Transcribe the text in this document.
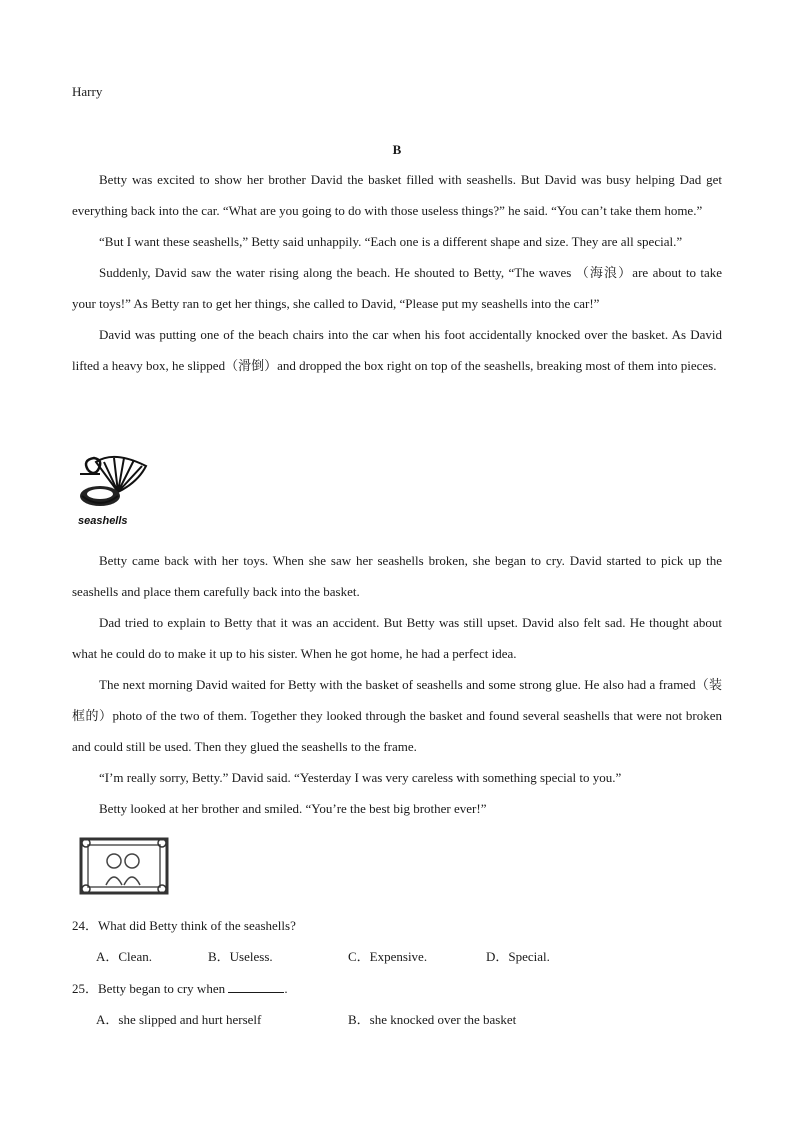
Harry
B

Betty was excited to show her brother David the basket filled with seashells. But David was busy helping Dad get everything back into the car. “What are you going to do with those useless things?” he said. “You can’t take them home.”

“But I want these seashells,” Betty said unhappily. “Each one is a different shape and size. They are all special.”

Suddenly, David saw the water rising along the beach. He shouted to Betty, “The waves （海浪）are about to take your toys!” As Betty ran to get her things, she called to David, “Please put my seashells into the car!”

David was putting one of the beach chairs into the car when his foot accidentally knocked over the basket. As David lifted a heavy box, he slipped（滑倒）and dropped the box right on top of the seashells, breaking most of them into pieces.

seashells

Betty came back with her toys. When she saw her seashells broken, she began to cry. David started to pick up the seashells and place them carefully back into the basket.

Dad tried to explain to Betty that it was an accident. But Betty was still upset. David also felt sad. He thought about what he could do to make it up to his sister. When he got home, he had a perfect idea.

The next morning David waited for Betty with the basket of seashells and some strong glue. He also had a framed（装框的）photo of the two of them. Together they looked through the basket and found several seashells that were not broken and could still be used. Then they glued the seashells to the frame.

“I’m really sorry, Betty.” David said. “Yesterday I was very careless with something special to you.”

Betty looked at her brother and smiled. “You’re the best big brother ever!”

24．What did Betty think of the seashells?
A．Clean.	B．Useless.	C．Expensive.	D．Special.
25．Betty began to cry when	.
A．she slipped and hurt herself	B．she knocked over the basket
